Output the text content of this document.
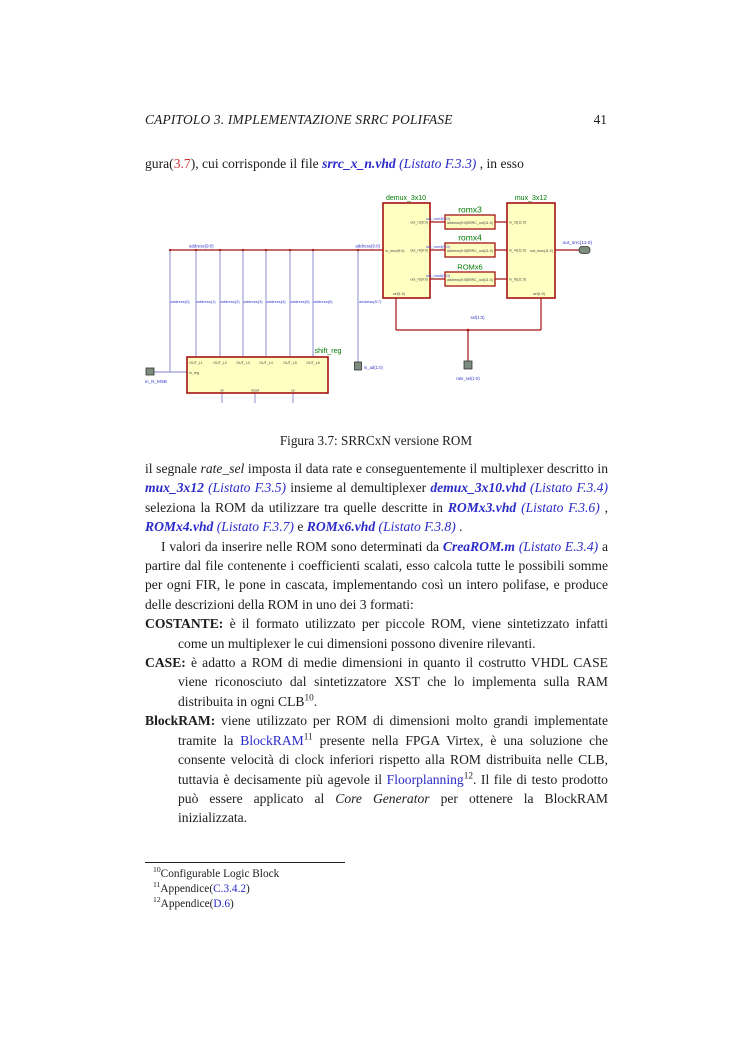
CAPITOLO 3. IMPLEMENTAZIONE SRRC POLIFASE	41
gura(3.7), cui corrisponde il file srrc_x_n.vhd (Listato F.3.3) , in esso
demux_3x10	mux_3x12
romx3
romx4
ROMx6
shift_reg
address(9:0)	address(9:0)
address(0) address(1) address(2) address(3) address(4) address(5) address(6)	address(8:7)
out_rom3(9:0)
out_rom4(9:0)
out_rom6(9:0)
sel(1:0)
in_mux(9:0)
out_r3(9:0)
out_r4(9:0)
out_r6(9:0)
sel(1:0)
address(9:0) SRRC_out(11:0)
address(9:0) SRRC_out(11:0)
address(9:0) SRRC_out(11:0)
in_r3(11:0)
in_r4(11:0)
in_r6(11:0)
out_mux(11:0)
sel(1:0)
in_reg
OUT_L1	OUT_L2	OUT_L3	OUT_L4	OUT_L5	OUT_L6
ck	reset	ce
in_N_MSB
in_ad(1:0)
rate_sel(1:0)
out_srrc(11:0)
Figura 3.7: SRRCxN versione ROM

il segnale rate_sel imposta il data rate e conseguentemente il multiplexer descritto in mux_3x12 (Listato F.3.5) insieme al demultiplexer demux_3x10.vhd (Listato F.3.4) seleziona la ROM da utilizzare tra quelle descritte in ROMx3.vhd (Listato F.3.6) , ROMx4.vhd (Listato F.3.7) e ROMx6.vhd (Listato F.3.8) .

I valori da inserire nelle ROM sono determinati da CreaROM.m (Listato E.3.4) a partire dal file contenente i coefficienti scalati, esso calcola tutte le possibili somme per ogni FIR, le pone in cascata, implementando così un intero polifase, e produce delle descrizioni della ROM in uno dei 3 formati:

COSTANTE: è il formato utilizzato per piccole ROM, viene sintetizzato infatti come un multiplexer le cui dimensioni possono divenire rilevanti.

CASE: è adatto a ROM di medie dimensioni in quanto il costrutto VHDL CASE viene riconosciuto dal sintetizzatore XST che lo implementa sulla RAM distribuita in ogni CLB$^{10}$.

BlockRAM: viene utilizzato per ROM di dimensioni molto grandi implementate tramite la BlockRAM$^{11}$ presente nella FPGA Virtex, è una soluzione che consente velocità di clock inferiori rispetto alla ROM distribuita nelle CLB, tuttavia è decisamente più agevole il Floorplanning$^{12}$. Il file di testo prodotto può essere applicato al Core Generator per ottenere la BlockRAM inizializzata.

$^{10}$Configurable Logic Block

$^{11}$Appendice(C.3.4.2)

$^{12}$Appendice(D.6)
